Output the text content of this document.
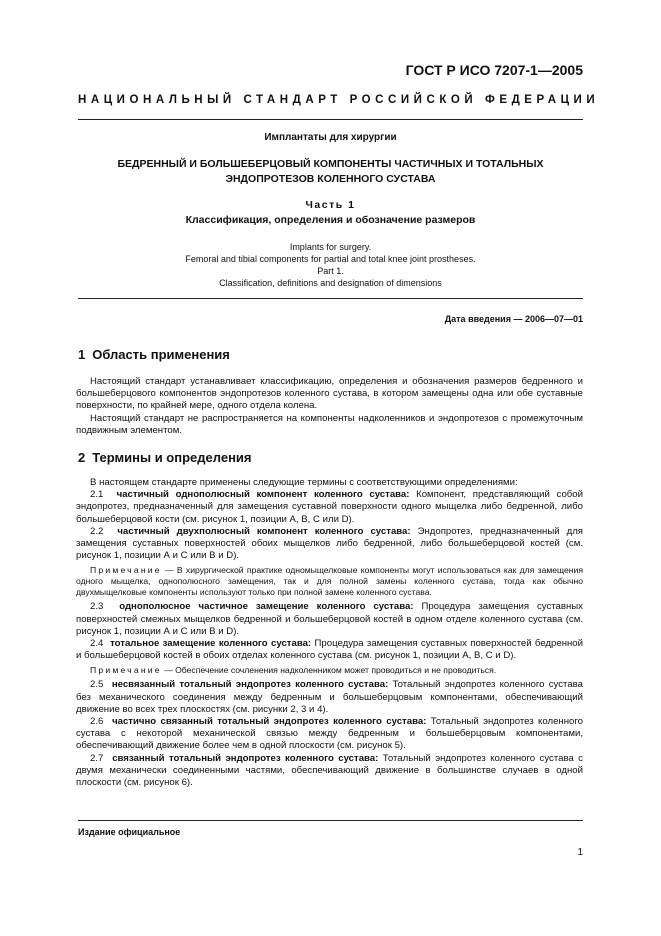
ГОСТ Р ИСО 7207-1—2005
НАЦИОНАЛЬНЫЙ СТАНДАРТ РОССИЙСКОЙ ФЕДЕРАЦИИ
Имплантаты для хирургии
БЕДРЕННЫЙ И БОЛЬШЕБЕРЦОВЫЙ КОМПОНЕНТЫ ЧАСТИЧНЫХ И ТОТАЛЬНЫХ
ЭНДОПРОТЕЗОВ КОЛЕННОГО СУСТАВА
Часть 1
Классификация, определения и обозначение размеров
Implants for surgery.
Femoral and tibial components for partial and total knee joint prostheses.
Part 1.
Classification, definitions and designation of dimensions
Дата введения — 2006—07—01
1 Область применения

Настоящий стандарт устанавливает классификацию, определения и обозначения размеров бедренного и большеберцового компонентов эндопротезов коленного сустава, в котором замещены одна или обе суставные поверхности, по крайней мере, одного отдела колена.

Настоящий стандарт не распространяется на компоненты надколенников и эндопротезов с промежуточным подвижным элементом.

2 Термины и определения

В настоящем стандарте применены следующие термины с соответствующими определениями:

2.1 частичный однополюсный компонент коленного сустава: Компонент, представляющий собой эндопротез, предназначенный для замещения суставной поверхности одного мыщелка либо бедренной, либо большеберцовой кости (см. рисунок 1, позиции А, В, С или D).

2.2 частичный двухполюсный компонент коленного сустава: Эндопротез, предназначенный для замещения суставных поверхностей обоих мыщелков либо бедренной, либо большеберцовой костей (см. рисунок 1, позиции А и С или В и D).

Примечание — В хирургической практике одномыщелковые компоненты могут использоваться как для замещения одного мыщелка, однополюсного замещения, так и для полной замены коленного сустава, тогда как обычно двухмыщелковые компоненты используют только при полной замене коленного сустава.

2.3 однополюсное частичное замещение коленного сустава: Процедура замещения суставных поверхностей смежных мыщелков бедренной и большеберцовой костей в одном отделе коленного сустава (см. рисунок 1, позиции А и С или В и D).

2.4 тотальное замещение коленного сустава: Процедура замещения суставных поверхностей бедренной и большеберцовой костей в обоих отделах коленного сустава (см. рисунок 1, позиции А, В, С и D).

Примечание — Обеспечение сочленения надколенником может проводиться и не проводиться.

2.5 несвязанный тотальный эндопротез коленного сустава: Тотальный эндопротез коленного сустава без механического соединения между бедренным и большеберцовым компонентами, обеспечивающий движение во всех трех плоскостях (см. рисунки 2, 3 и 4).

2.6 частично связанный тотальный эндопротез коленного сустава: Тотальный эндопротез коленного сустава с некоторой механической связью между бедренным и большеберцовым компонентами, обеспечивающий движение более чем в одной плоскости (см. рисунок 5).

2.7 связанный тотальный эндопротез коленного сустава: Тотальный эндопротез коленного сустава с двумя механически соединенными частями, обеспечивающий движение в большинстве случаев в одной плоскости (см. рисунок 6).

Издание официальное
1
